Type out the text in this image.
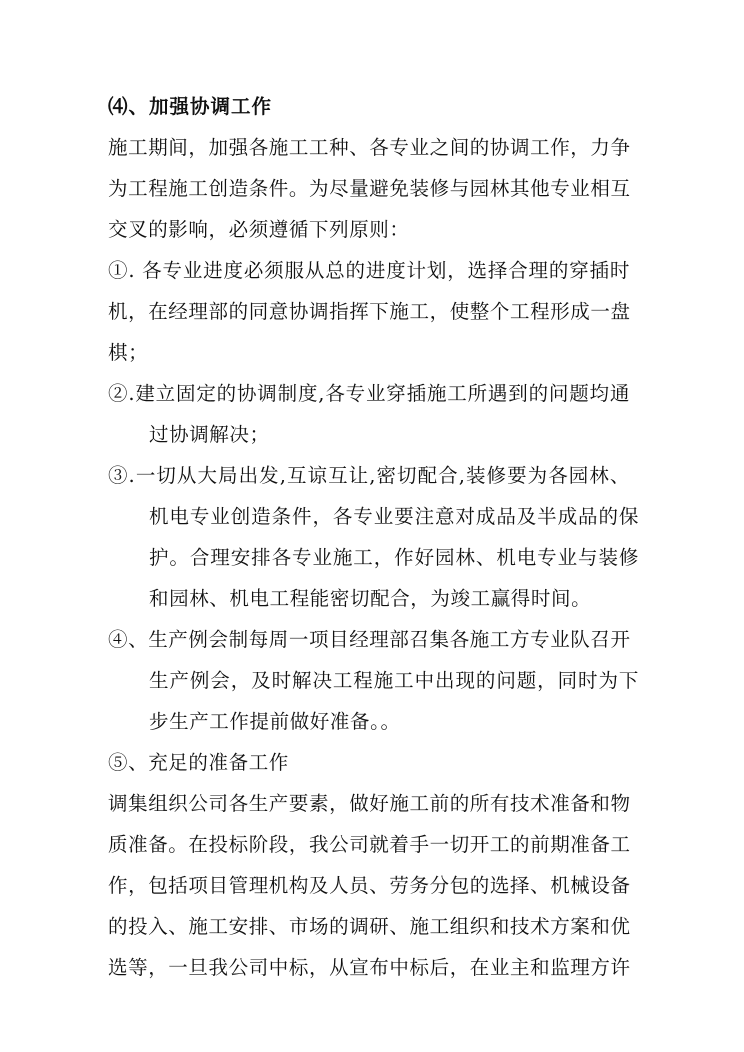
⑷、加强协调工作
施工期间，加强各施工工种、各专业之间的协调工作，力争
为工程施工创造条件。为尽量避免装修与园林其他专业相互
交叉的影响，必须遵循下列原则：
①. 各专业进度必须服从总的进度计划，选择合理的穿插时
机，在经理部的同意协调指挥下施工，使整个工程形成一盘
棋；
②.建立固定的协调制度,各专业穿插施工所遇到的问题均通
过协调解决；
③.一切从大局出发,互谅互让,密切配合,装修要为各园林、
机电专业创造条件，各专业要注意对成品及半成品的保
护。合理安排各专业施工，作好园林、机电专业与装修
和园林、机电工程能密切配合，为竣工赢得时间。
④、生产例会制每周一项目经理部召集各施工方专业队召开
生产例会，及时解决工程施工中出现的问题，同时为下
步生产工作提前做好准备。。
⑤、充足的准备工作
调集组织公司各生产要素，做好施工前的所有技术准备和物
质准备。在投标阶段，我公司就着手一切开工的前期准备工
作，包括项目管理机构及人员、劳务分包的选择、机械设备
的投入、施工安排、市场的调研、施工组织和技术方案和优
选等，一旦我公司中标，从宣布中标后，在业主和监理方许
